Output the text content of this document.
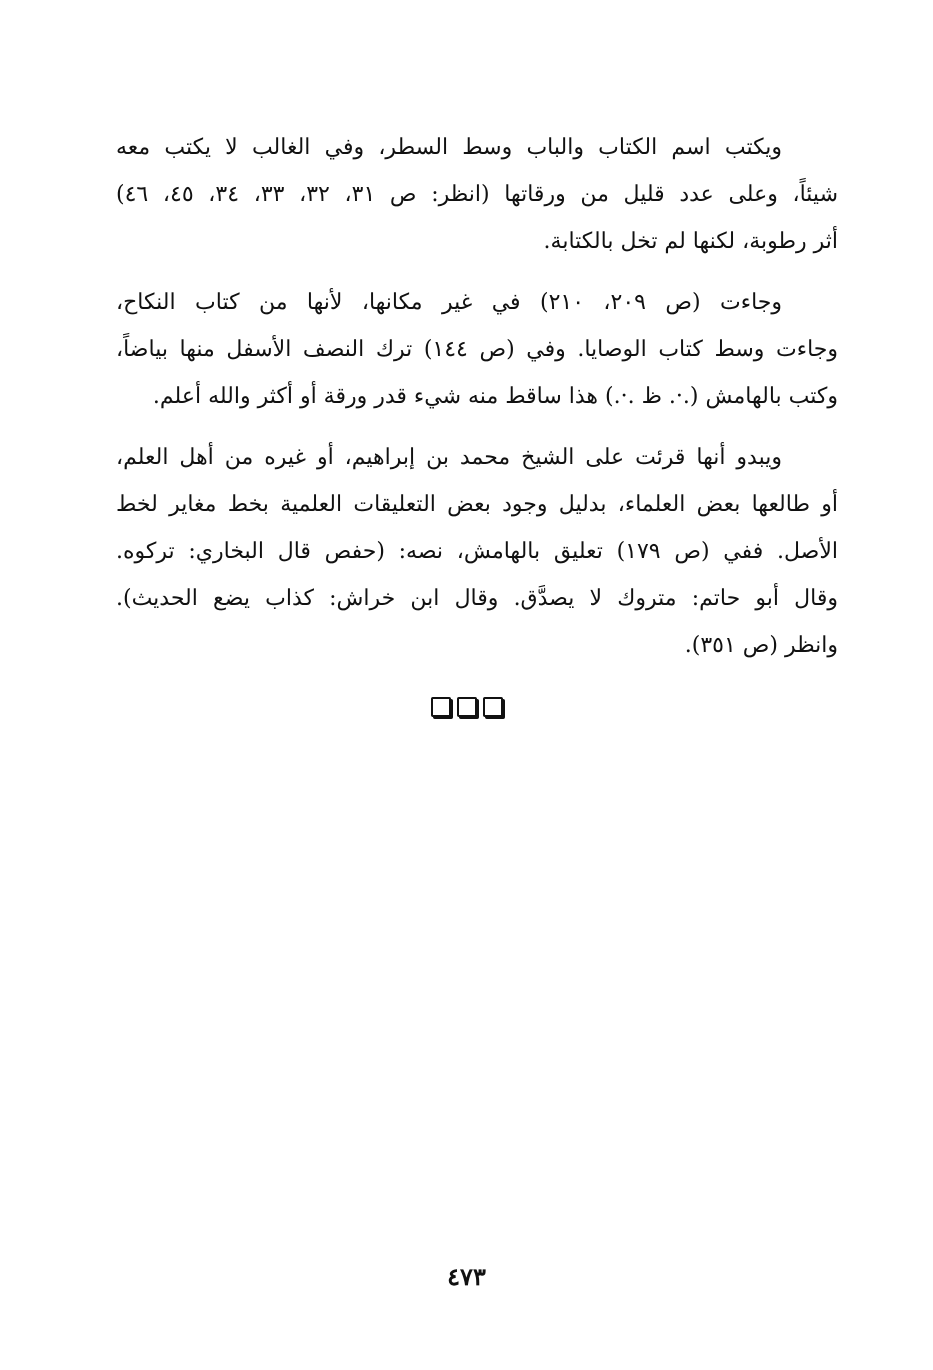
ويكتب اسم الكتاب والباب وسط السطر، وفي الغالب لا يكتب معه
شيئاً، وعلى عدد قليل من ورقاتها (انظر: ص ٣١، ٣٢، ٣٣، ٣٤، ٤٥، ٤٦)
أثر رطوبة، لكنها لم تخل بالكتابة.

وجاءت (ص ٢٠٩، ٢١٠) في غير مكانها، لأنها من كتاب النكاح،
وجاءت وسط كتاب الوصايا. وفي (ص ١٤٤) ترك النصف الأسفل منها بياضاً،
وكتب بالهامش (.·. ظ .·.) هذا ساقط منه شيء قدر ورقة أو أكثر والله أعلم.

ويبدو أنها قرئت على الشيخ محمد بن إبراهيم، أو غيره من أهل العلم،
أو طالعها بعض العلماء، بدليل وجود بعض التعليقات العلمية بخط مغاير لخط
الأصل. ففي (ص ١٧٩) تعليق بالهامش، نصه: (حفص قال البخاري: تركوه.
وقال أبو حاتم: متروك لا يصدَّق. وقال ابن خراش: كذاب يضع الحديث).
وانظر (ص ٣٥١).

٤٧٣
